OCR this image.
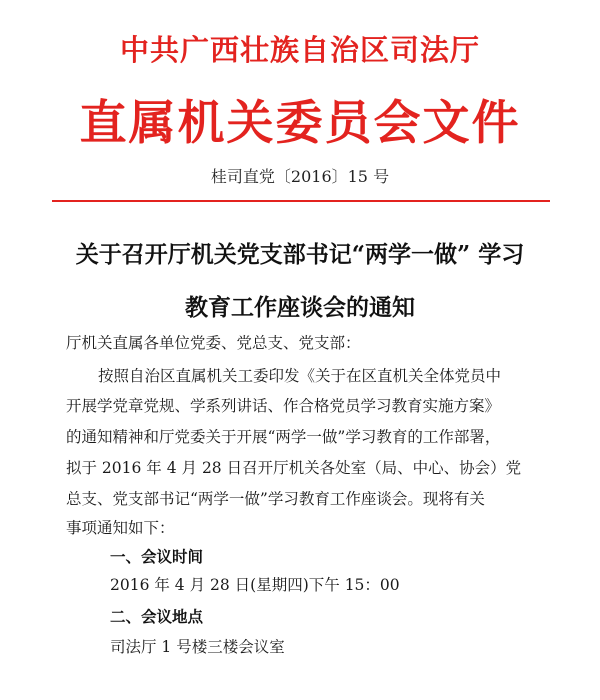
中共广西壮族自治区司法厅
直属机关委员会文件
桂司直党〔2016〕15 号
关于召开厅机关党支部书记“两学一做” 学习
教育工作座谈会的通知
厅机关直属各单位党委、党总支、党支部：
按照自治区直属机关工委印发《关于在区直机关全体党员中
开展学党章党规、学系列讲话、作合格党员学习教育实施方案》
的通知精神和厅党委关于开展“两学一做”学习教育的工作部署，
拟于 2016 年 4 月 28 日召开厅机关各处室（局、中心、协会）党
总支、党支部书记“两学一做”学习教育工作座谈会。现将有关
事项通知如下：
一、会议时间
2016 年 4 月 28 日(星期四)下午 15：00
二、会议地点
司法厅 1 号楼三楼会议室
